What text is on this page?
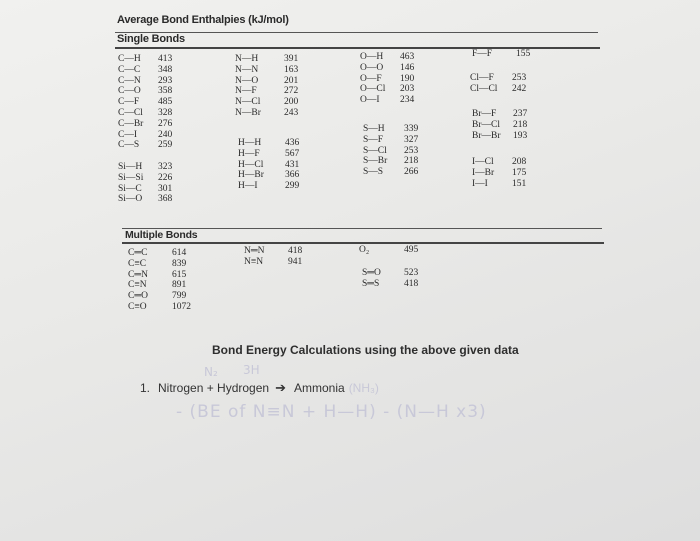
Average Bond Enthalpies (kJ/mol)
Single Bonds
C—H	413
C—C	348
C—N	293
C—O	358
C—F	485
C—Cl	328
C—Br	276
C—I	240
C—S	259
Si—H	323
Si—Si	226
Si—C	301
Si—O	368
N—H	391
N—N	163
N—O	201
N—F	272
N—Cl	200
N—Br	243
H—H	436
H—F	567
H—Cl	431
H—Br	366
H—I	299
O—H	463
O—O	146
O—F	190
O—Cl	203
O—I	234
S—H	339
S—F	327
S—Cl	253
S—Br	218
S—S	266
F—F	155
Cl—F	253
Cl—Cl	242
Br—F	237
Br—Cl	218
Br—Br	193
I—Cl	208
I—Br	175
I—I	151
Multiple Bonds
C═C	614
C≡C	839
C═N	615
C≡N	891
C═O	799
C≡O	1072
N═N	418
N≡N	941
O₂	495
S═O	523
S═S	418
Bond Energy Calculations using the above given data
N₂ 3H
1. Nitrogen + Hydrogen ➔ Ammonia (NH₃)
- (BE of N≡N + H—H) - (N—H x3)
